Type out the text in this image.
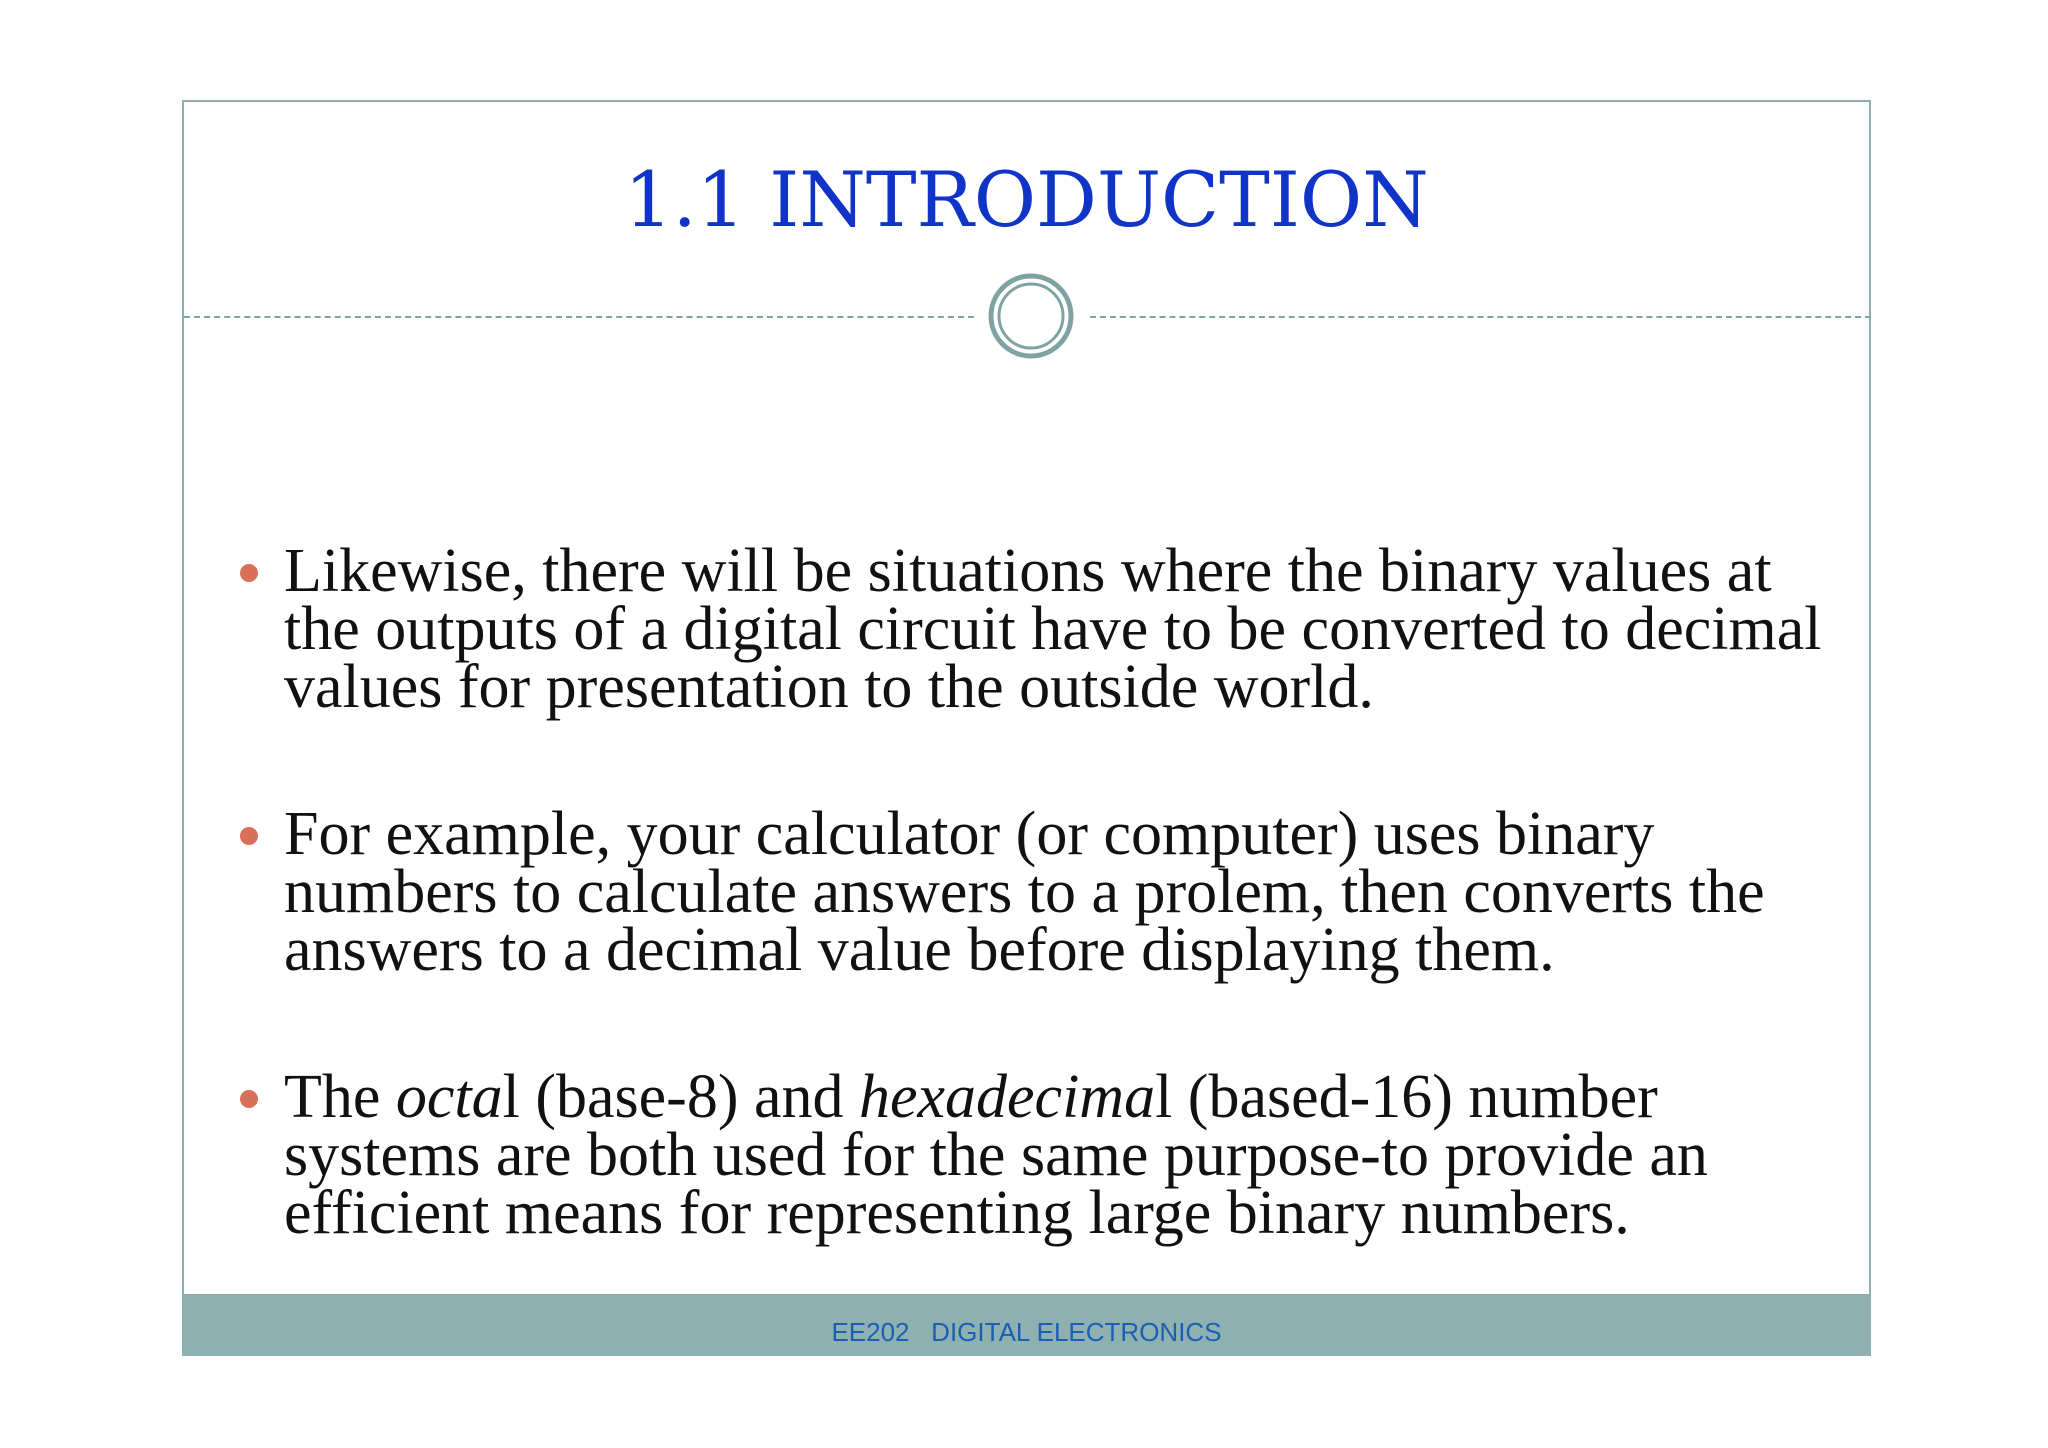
1.1 INTRODUCTION
Likewise, there will be situations where the binary values at the outputs of a digital circuit have to be converted to decimal values for presentation to the outside world.
For example, your calculator (or computer) uses binary numbers to calculate answers to a prolem, then converts the answers to a decimal value before displaying them.
The octal (base-8) and hexadecimal (based-16) number systems are both used for the same purpose-to provide an efficient means for representing large binary numbers.
EE202   DIGITAL ELECTRONICS
